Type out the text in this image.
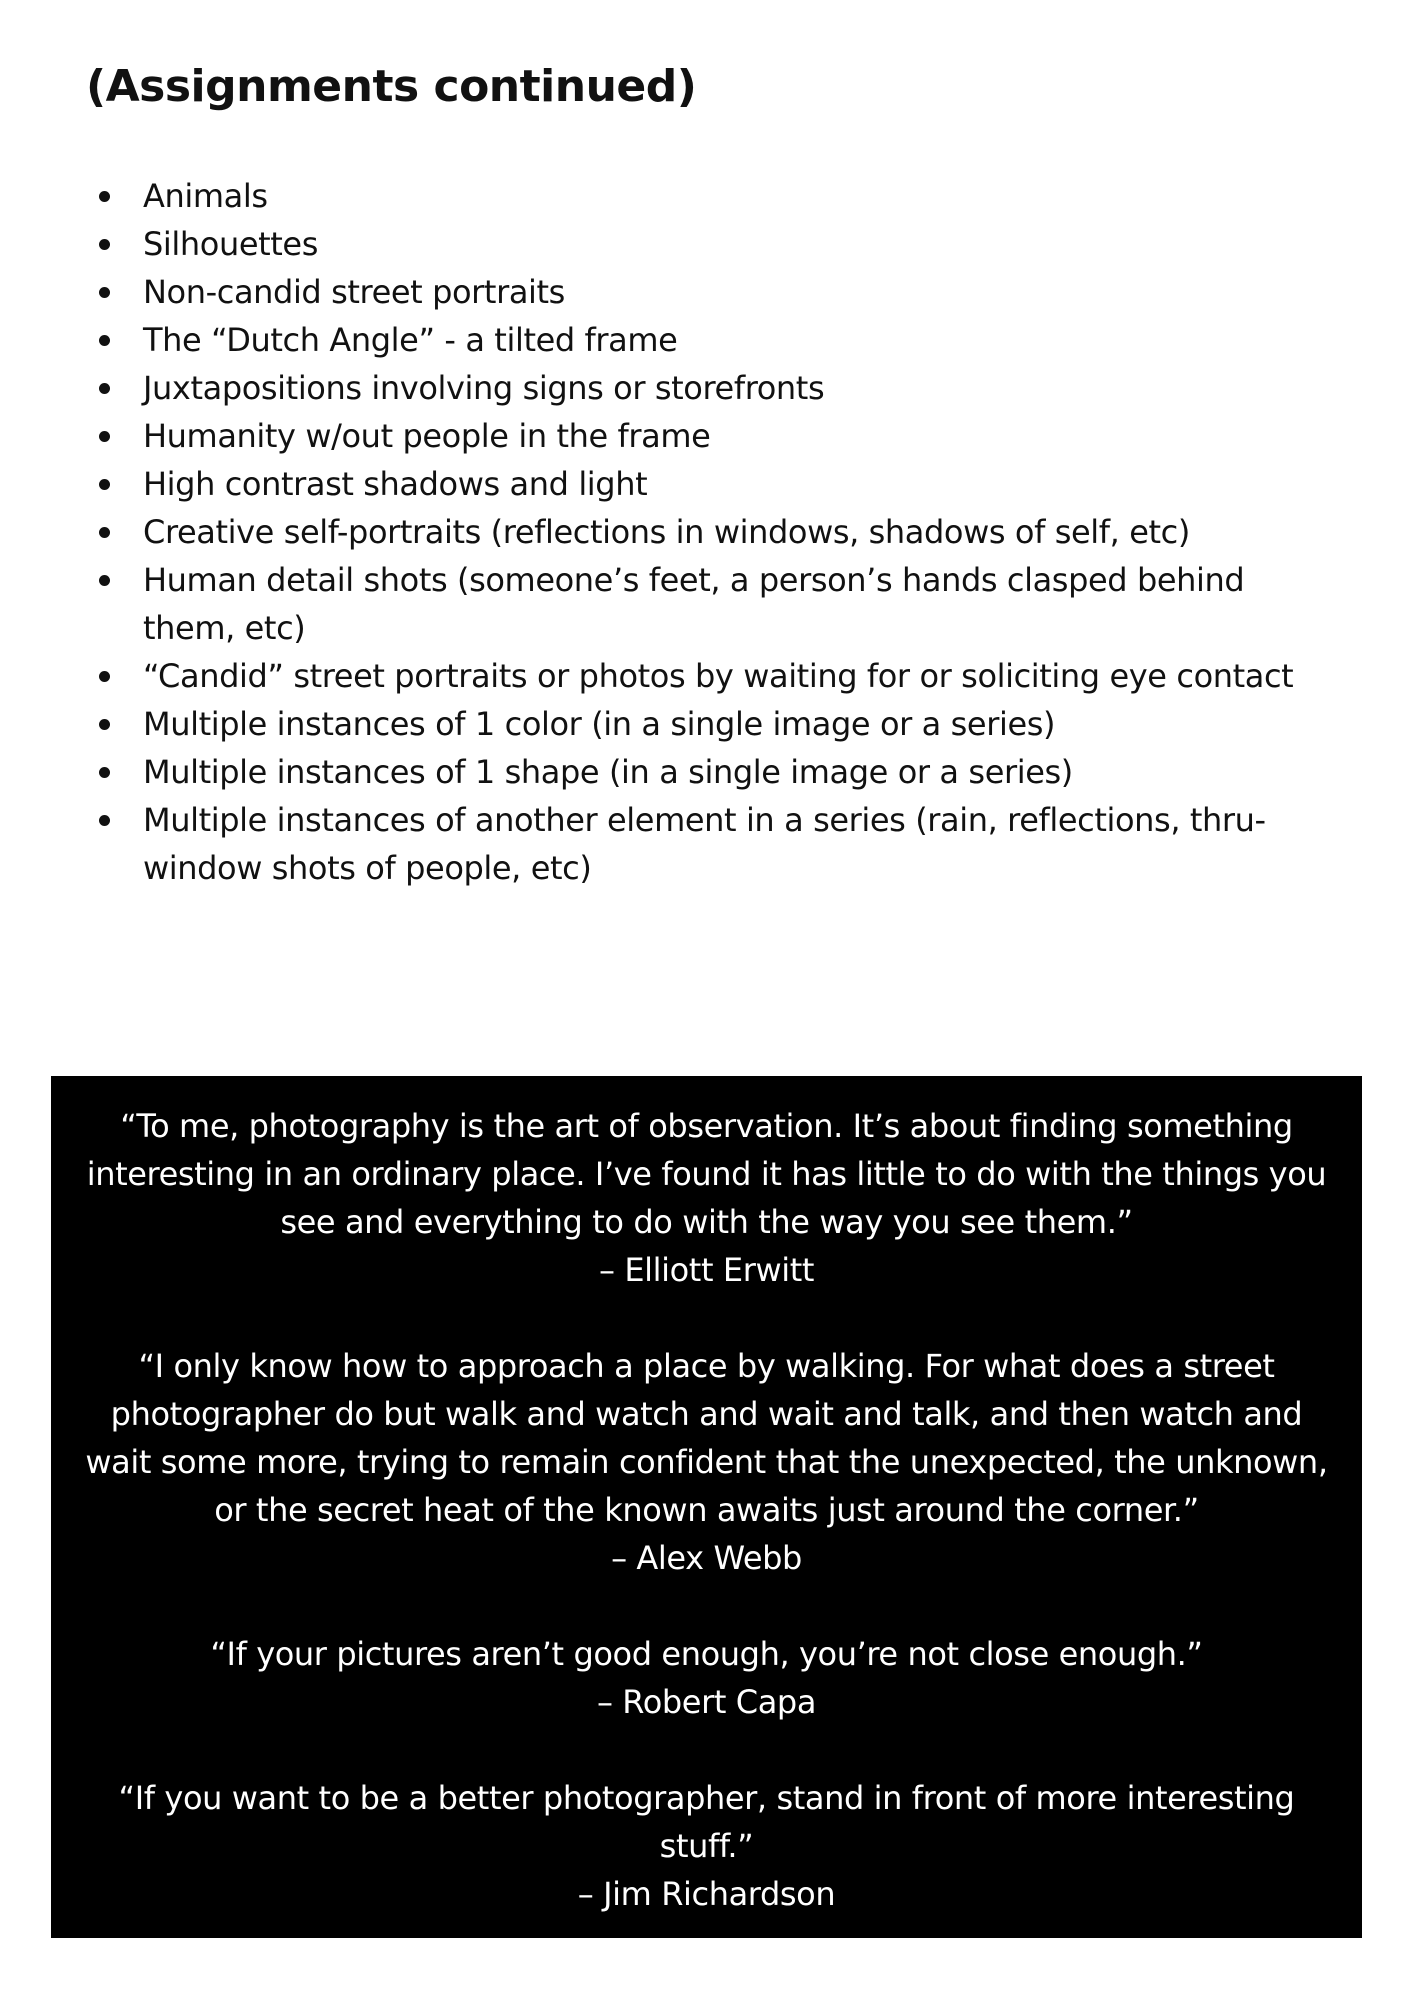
(Assignments continued)
Animals
Silhouettes
Non-candid street portraits
The “Dutch Angle” - a tilted frame
Juxtapositions involving signs or storefronts
Humanity w/out people in the frame
High contrast shadows and light
Creative self-portraits (reflections in windows, shadows of self, etc)
Human detail shots (someone’s feet, a person’s hands clasped behind them, etc)
“Candid” street portraits or photos by waiting for or soliciting eye contact
Multiple instances of 1 color (in a single image or a series)
Multiple instances of 1 shape (in a single image or a series)
Multiple instances of another element in a series (rain, reflections, thru-window shots of people, etc)

“To me, photography is the art of observation. It’s about finding something interesting in an ordinary place. I’ve found it has little to do with the things you see and everything to do with the way you see them.”

– Elliott Erwitt

“I only know how to approach a place by walking. For what does a street photographer do but walk and watch and wait and talk, and then watch and wait some more, trying to remain confident that the unexpected, the unknown, or the secret heat of the known awaits just around the corner.”

– Alex Webb

“If your pictures aren’t good enough, you’re not close enough.”

– Robert Capa

“If you want to be a better photographer, stand in front of more interesting stuff.”

– Jim Richardson
